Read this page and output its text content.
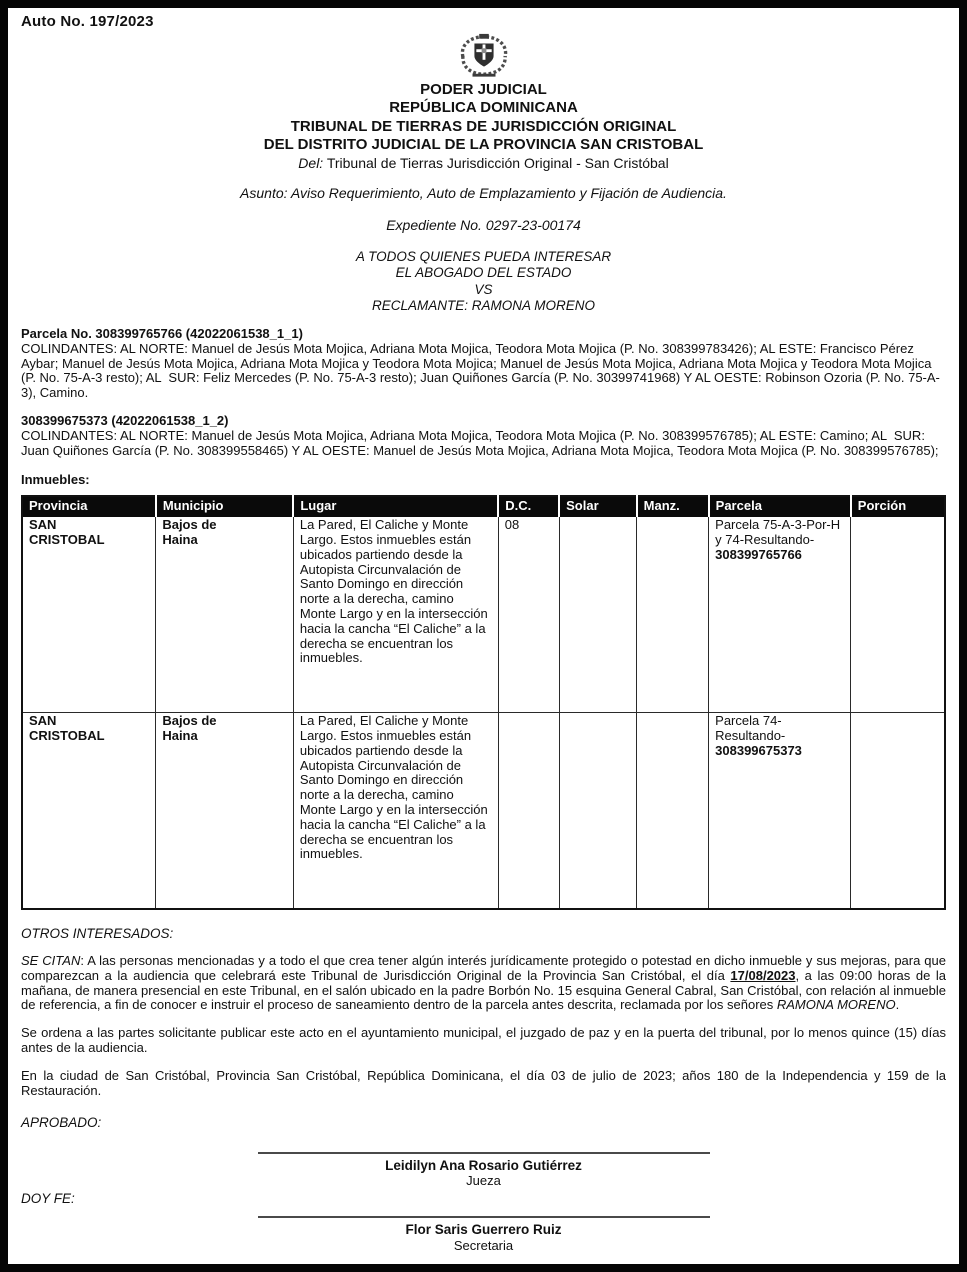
Auto No. 197/2023
PODER JUDICIAL
REPÚBLICA DOMINICANA
TRIBUNAL DE TIERRAS DE JURISDICCIÓN ORIGINAL
DEL DISTRITO JUDICIAL DE LA PROVINCIA SAN CRISTOBAL
Del: Tribunal de Tierras Jurisdicción Original - San Cristóbal
Asunto: Aviso Requerimiento, Auto de Emplazamiento y Fijación de Audiencia.
Expediente No. 0297-23-00174
A TODOS QUIENES PUEDA INTERESAR
EL ABOGADO DEL ESTADO
VS
RECLAMANTE: RAMONA MORENO
Parcela No. 308399765766 (42022061538_1_1)
COLINDANTES: AL NORTE: Manuel de Jesús Mota Mojica, Adriana Mota Mojica, Teodora Mota Mojica (P. No. 308399783426); AL ESTE: Francisco Pérez Aybar; Manuel de Jesús Mota Mojica, Adriana Mota Mojica y Teodora Mota Mojica; Manuel de Jesús Mota Mojica, Adriana Mota Mojica y Teodora Mota Mojica (P. No. 75-A-3 resto); AL  SUR: Feliz Mercedes (P. No. 75-A-3 resto); Juan Quiñones García (P. No. 30399741968) Y AL OESTE: Robinson Ozoria (P. No. 75-A-3), Camino.
308399675373 (42022061538_1_2)
COLINDANTES: AL NORTE: Manuel de Jesús Mota Mojica, Adriana Mota Mojica, Teodora Mota Mojica (P. No. 308399576785); AL ESTE: Camino; AL  SUR: Juan Quiñones García (P. No. 308399558465) Y AL OESTE: Manuel de Jesús Mota Mojica, Adriana Mota Mojica, Teodora Mota Mojica (P. No. 308399576785);
Inmuebles:
Provincia	Municipio	Lugar	D.C.	Solar	Manz.	Parcela	Porción
SAN CRISTOBAL	Bajos de Haina	La Pared, El Caliche y Monte Largo. Estos inmuebles están ubicados partiendo desde la Autopista Circunvalación de Santo Domingo en dirección norte a la derecha, camino Monte Largo y en la intersección hacia la cancha “El Caliche” a la derecha se encuentran los inmuebles.	08			Parcela 75-A-3-Por-H y 74-Resultando-308399765766	
SAN CRISTOBAL	Bajos de Haina	La Pared, El Caliche y Monte Largo. Estos inmuebles están ubicados partiendo desde la Autopista Circunvalación de Santo Domingo en dirección norte a la derecha, camino Monte Largo y en la intersección hacia la cancha “El Caliche” a la derecha se encuentran los inmuebles.				Parcela 74-Resultando-308399675373	
OTROS INTERESADOS:
SE CITAN: A las personas mencionadas y a todo el que crea tener algún interés jurídicamente protegido o potestad en dicho inmueble y sus mejoras, para que comparezcan a la audiencia que celebrará este Tribunal de Jurisdicción Original de la Provincia San Cristóbal, el día 17/08/2023, a las 09:00 horas de la mañana, de manera presencial en este Tribunal, en el salón ubicado en la padre Borbón No. 15 esquina General Cabral, San Cristóbal, con relación al inmueble de referencia, a fin de conocer e instruir el proceso de saneamiento dentro de la parcela antes descrita, reclamada por los señores RAMONA MORENO.
Se ordena a las partes solicitante publicar este acto en el ayuntamiento municipal, el juzgado de paz y en la puerta del tribunal, por lo menos quince (15) días antes de la audiencia.
En la ciudad de San Cristóbal, Provincia San Cristóbal, República Dominicana, el día 03 de julio de 2023; años 180 de la Independencia y 159 de la Restauración.
APROBADO:
Leidilyn Ana Rosario Gutiérrez
Jueza
DOY FE:
Flor Saris Guerrero Ruiz
Secretaria
